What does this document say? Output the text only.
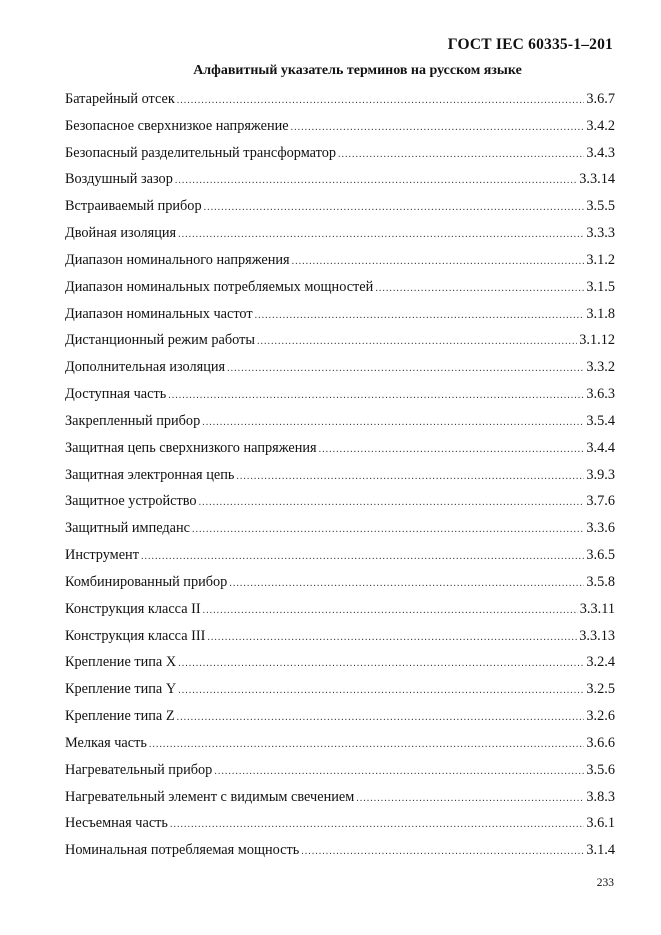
ГОСТ IEC 60335-1–201
Алфавитный указатель терминов на русском языке
Батарейный отсек .....	3.6.7
Безопасное сверхнизкое напряжение .....	3.4.2
Безопасный разделительный трансформатор .....	3.4.3
Воздушный зазор .....	3.3.14
Встраиваемый прибор .....	3.5.5
Двойная изоляция .....	3.3.3
Диапазон номинального напряжения .....	3.1.2
Диапазон номинальных потребляемых мощностей .....	3.1.5
Диапазон номинальных частот .....	3.1.8
Дистанционный режим работы .....	3.1.12
Дополнительная изоляция .....	3.3.2
Доступная часть .....	3.6.3
Закрепленный прибор .....	3.5.4
Защитная цепь сверхнизкого напряжения .....	3.4.4
Защитная электронная цепь .....	3.9.3
Защитное устройство .....	3.7.6
Защитный импеданс .....	3.3.6
Инструмент .....	3.6.5
Комбинированный прибор .....	3.5.8
Конструкция класса II .....	3.3.11
Конструкция класса III .....	3.3.13
Крепление типа X .....	3.2.4
Крепление типа Y .....	3.2.5
Крепление типа Z .....	3.2.6
Мелкая часть .....	3.6.6
Нагревательный прибор .....	3.5.6
Нагревательный элемент с видимым свечением .....	3.8.3
Несъемная часть .....	3.6.1
Номинальная потребляемая мощность .....	3.1.4
233
